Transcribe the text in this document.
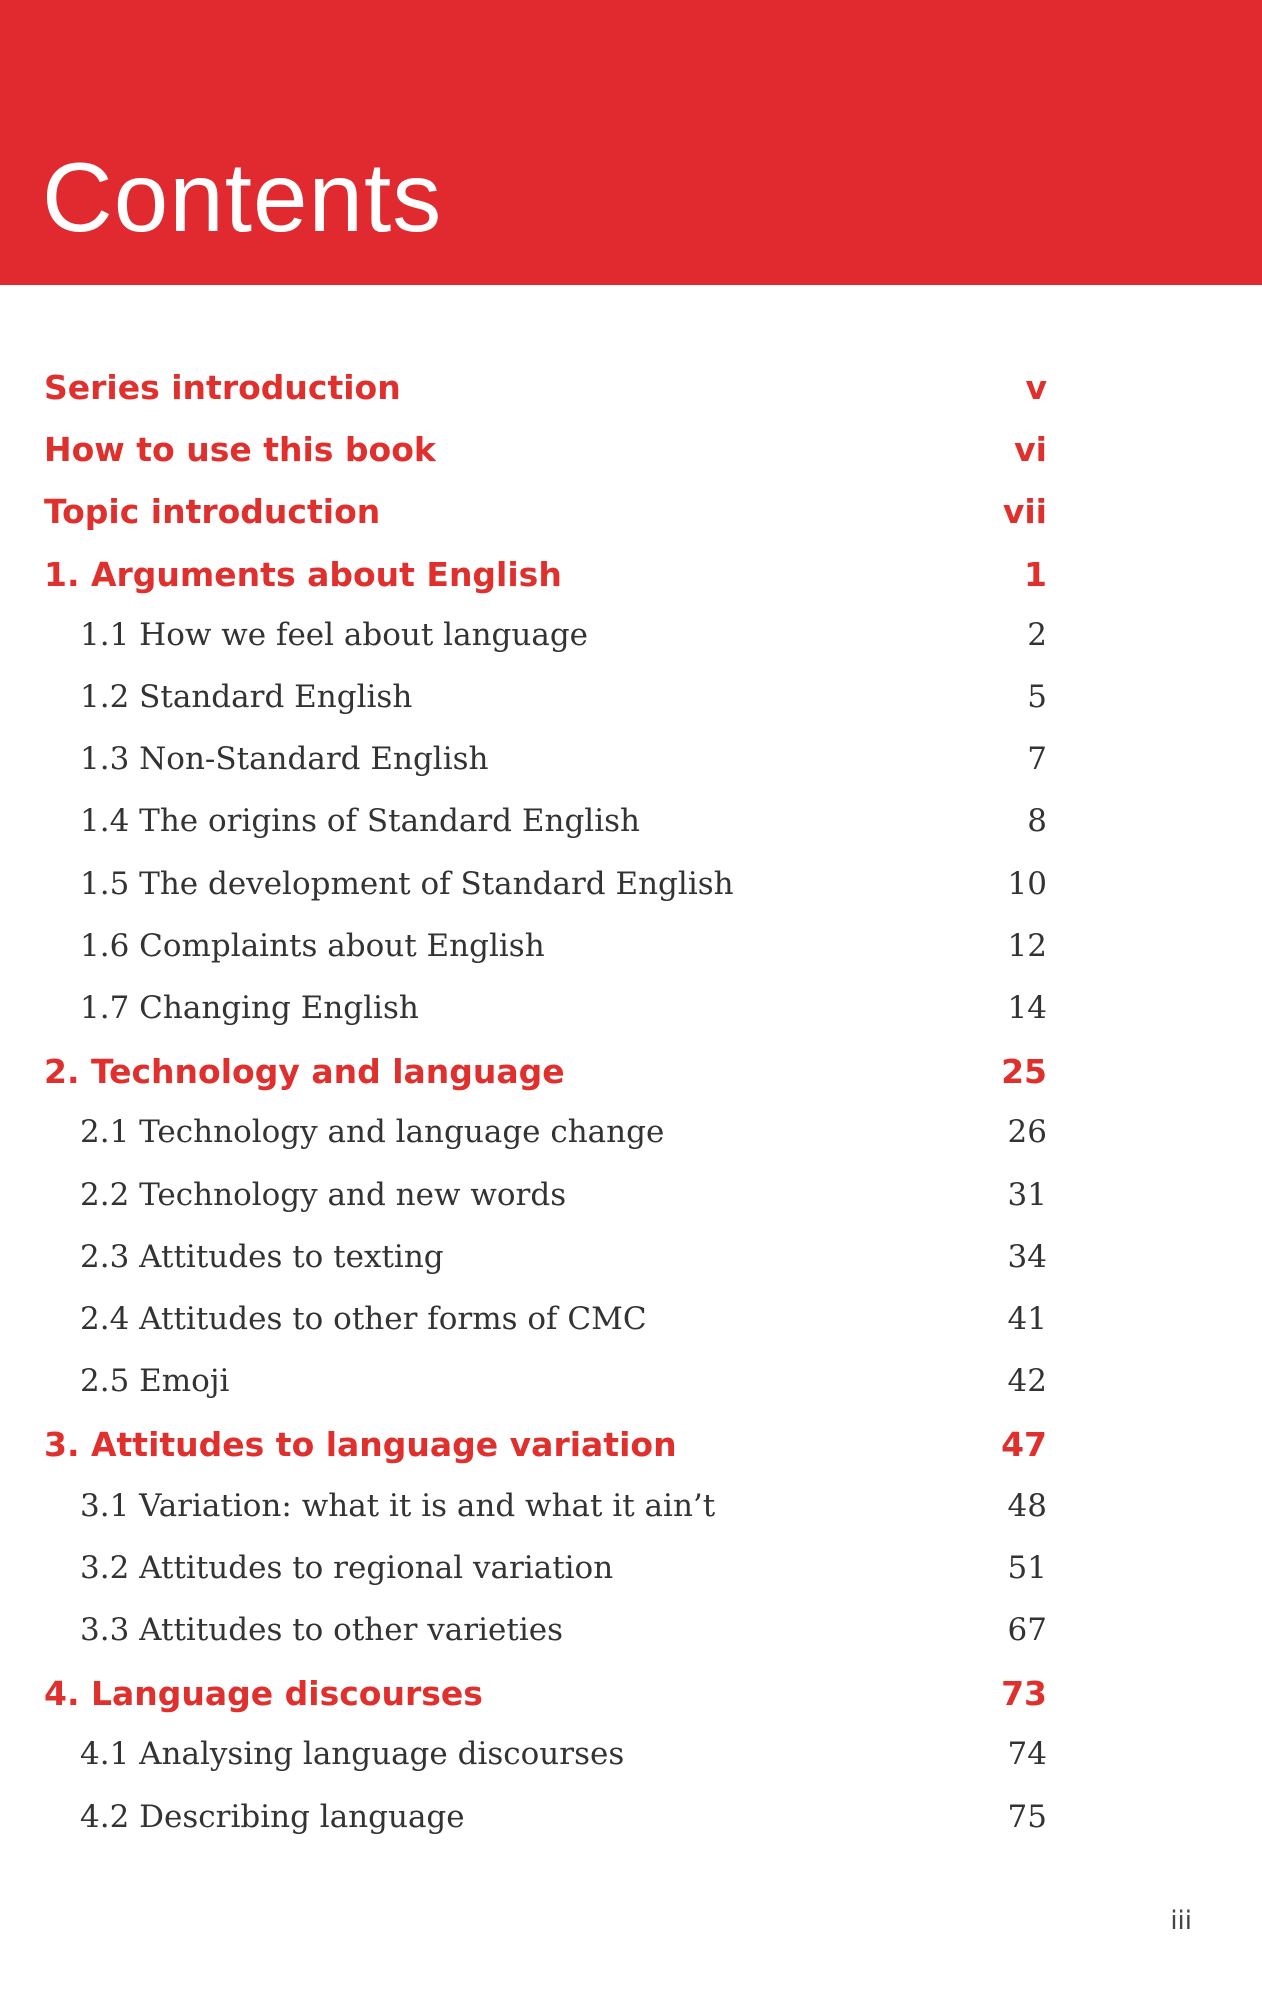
Contents
Series introduction	v
How to use this book	vi
Topic introduction	vii
1. Arguments about English	1
1.1 How we feel about language	2
1.2 Standard English	5
1.3 Non-Standard English	7
1.4 The origins of Standard English	8
1.5 The development of Standard English	10
1.6 Complaints about English	12
1.7 Changing English	14
2. Technology and language	25
2.1 Technology and language change	26
2.2 Technology and new words	31
2.3 Attitudes to texting	34
2.4 Attitudes to other forms of CMC	41
2.5 Emoji	42
3. Attitudes to language variation	47
3.1 Variation: what it is and what it ain’t	48
3.2 Attitudes to regional variation	51
3.3 Attitudes to other varieties	67
4. Language discourses	73
4.1 Analysing language discourses	74
4.2 Describing language	75
iii
